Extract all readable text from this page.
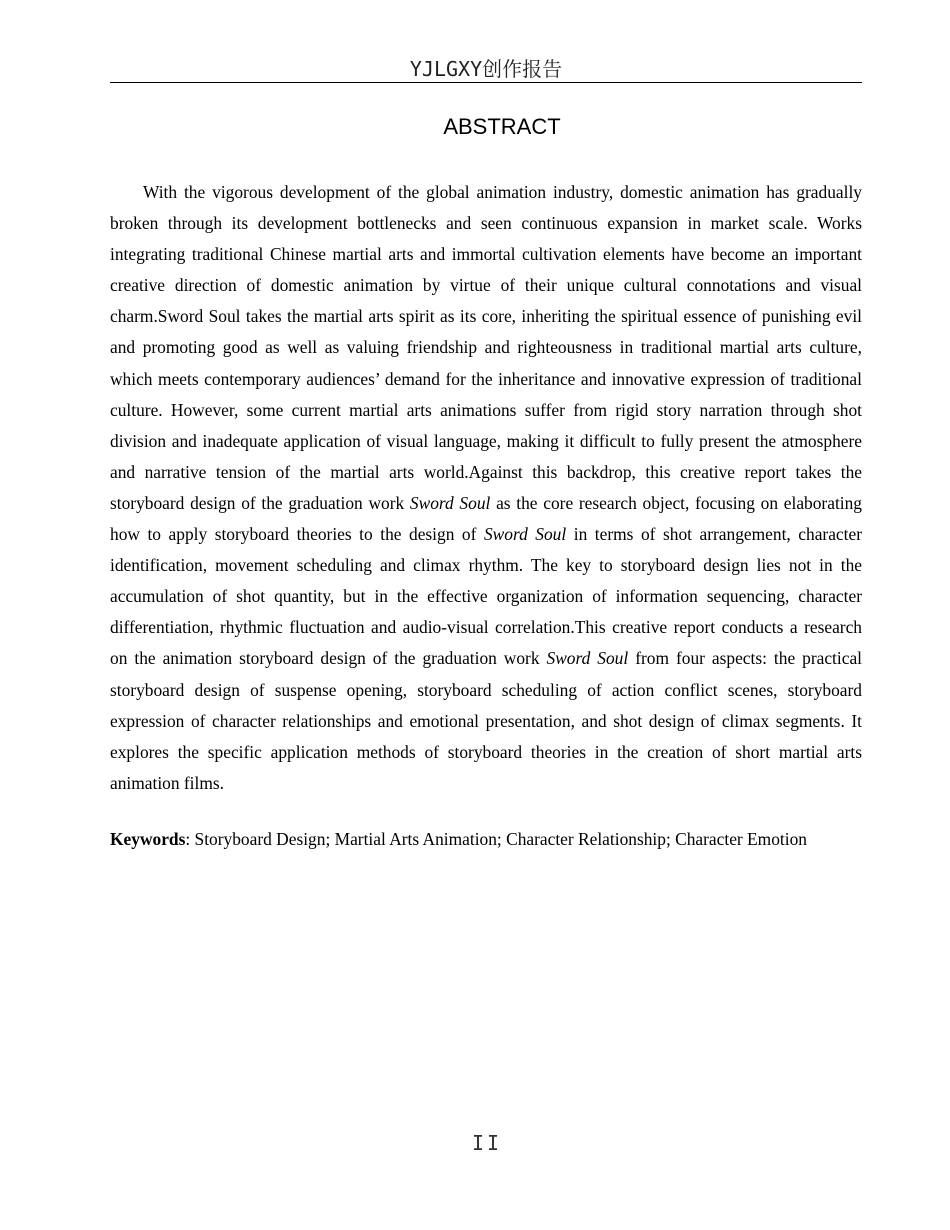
YJLGXY创作报告
ABSTRACT

With the vigorous development of the global animation industry, domestic animation has gradually broken through its development bottlenecks and seen continuous expansion in market scale. Works integrating traditional Chinese martial arts and immortal cultivation elements have become an important creative direction of domestic animation by virtue of their unique cultural connotations and visual charm.Sword Soul takes the martial arts spirit as its core, inheriting the spiritual essence of punishing evil and promoting good as well as valuing friendship and righteousness in traditional martial arts culture, which meets contemporary audiences’ demand for the inheritance and innovative expression of traditional culture. However, some current martial arts animations suffer from rigid story narration through shot division and inadequate application of visual language, making it difficult to fully present the atmosphere and narrative tension of the martial arts world.Against this backdrop, this creative report takes the storyboard design of the graduation work Sword Soul as the core research object, focusing on elaborating how to apply storyboard theories to the design of Sword Soul in terms of shot arrangement, character identification, movement scheduling and climax rhythm. The key to storyboard design lies not in the accumulation of shot quantity, but in the effective organization of information sequencing, character differentiation, rhythmic fluctuation and audio-visual correlation.This creative report conducts a research on the animation storyboard design of the graduation work Sword Soul from four aspects: the practical storyboard design of suspense opening, storyboard scheduling of action conflict scenes, storyboard expression of character relationships and emotional presentation, and shot design of climax segments. It explores the specific application methods of storyboard theories in the creation of short martial arts animation films.

Keywords: Storyboard Design; Martial Arts Animation; Character Relationship; Character Emotion

II
